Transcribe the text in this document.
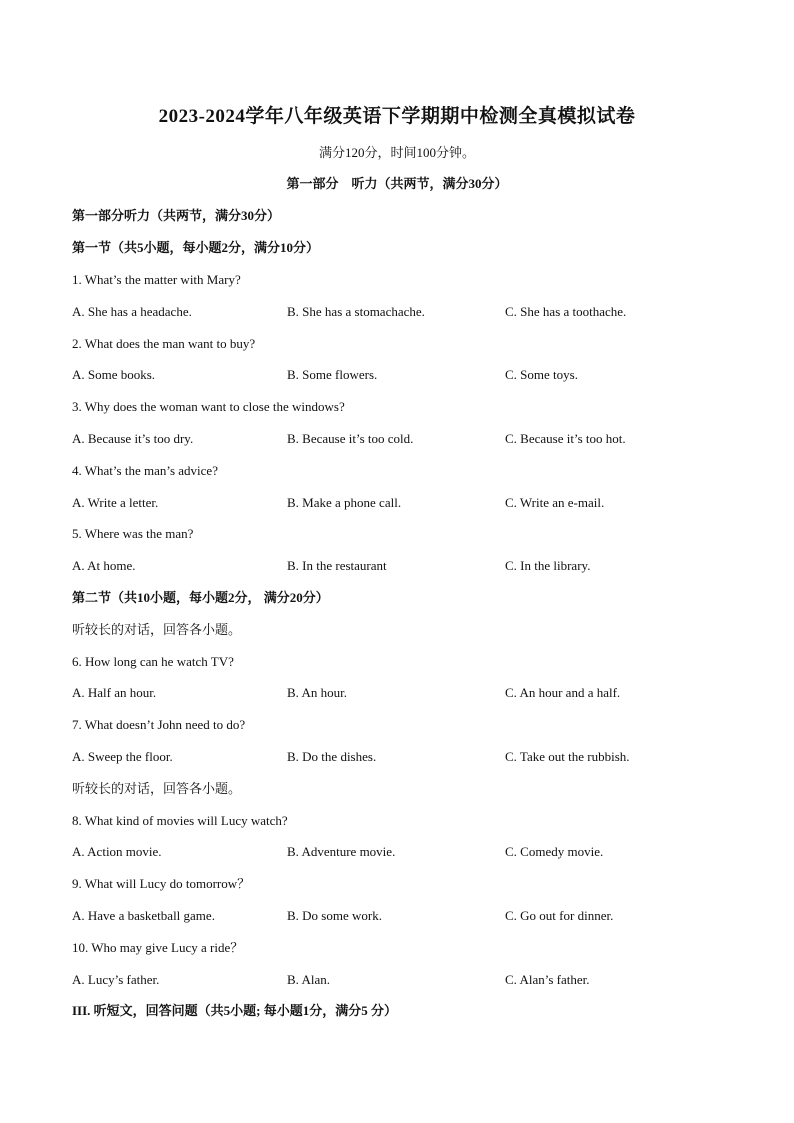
2023-2024学年八年级英语下学期期中检测全真模拟试卷
满分120分，时间100分钟。
第一部分　听力（共两节，满分30分）
第一部分听力（共两节，满分30分）
第一节（共5小题，每小题2分，满分10分）
1. What’s the matter with Mary?
A. She has a headache.	B. She has a stomachache.	C. She has a toothache.
2. What does the man want to buy?
A. Some books.	B. Some flowers.	C. Some toys.
3. Why does the woman want to close the windows?
A. Because it’s too dry.	B. Because it’s too cold.	C. Because it’s too hot.
4. What’s the man’s advice?
A. Write a letter.	B. Make a phone call.	C. Write an e-mail.
5. Where was the man?
A. At home.	B. In the restaurant	C. In the library.
第二节（共10小题，每小题2分， 满分20分）
听较长的对话，回答各小题。
6. How long can he watch TV?
A. Half an hour.	B. An hour.	C. An hour and a half.
7. What doesn’t John need to do?
A. Sweep the floor.	B. Do the dishes.	C. Take out the rubbish.
听较长的对话，回答各小题。
8. What kind of movies will Lucy watch?
A. Action movie.	B. Adventure movie.	C. Comedy movie.
9. What will Lucy do tomorrow？
A. Have a basketball game.	B. Do some work.	C. Go out for dinner.
10. Who may give Lucy a ride？
A. Lucy’s father.	B. Alan.	C. Alan’s father.
III. 听短文，回答问题（共5小题; 每小题1分，满分5 分）
